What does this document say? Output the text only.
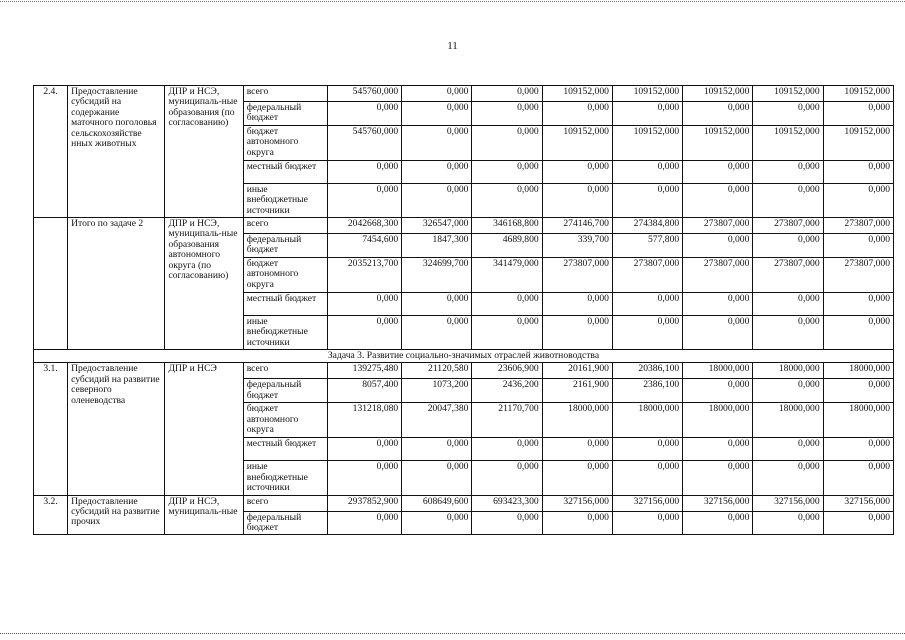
11
2.4.	Предоставление субсидий на содержание маточного поголовья сельскохозяйстве нных животных	ДПР и НСЭ, муниципаль-ные образования (по согласованию)	всего	545760,000	0,000	0,000	109152,000	109152,000	109152,000	109152,000	109152,000
			федеральный бюджет	0,000	0,000	0,000	0,000	0,000	0,000	0,000	0,000
			бюджет автономного округа	545760,000	0,000	0,000	109152,000	109152,000	109152,000	109152,000	109152,000
			местный бюджет	0,000	0,000	0,000	0,000	0,000	0,000	0,000	0,000
			иные внебюджетные источники	0,000	0,000	0,000	0,000	0,000	0,000	0,000	0,000
	Итого по задаче 2	ДПР и НСЭ, муниципаль-ные образования автономного округа (по согласованию)	всего	2042668,300	326547,000	346168,800	274146,700	274384,800	273807,000	273807,000	273807,000
			федеральный бюджет	7454,600	1847,300	4689,800	339,700	577,800	0,000	0,000	0,000
			бюджет автономного округа	2035213,700	324699,700	341479,000	273807,000	273807,000	273807,000	273807,000	273807,000
			местный бюджет	0,000	0,000	0,000	0,000	0,000	0,000	0,000	0,000
			иные внебюджетные источники	0,000	0,000	0,000	0,000	0,000	0,000	0,000	0,000
Задача 3. Развитие социально-значимых отраслей животноводства											
3.1.	Предоставление субсидий на развитие северного оленеводства	ДПР и НСЭ	всего	139275,480	21120,580	23606,900	20161,900	20386,100	18000,000	18000,000	18000,000
			федеральный бюджет	8057,400	1073,200	2436,200	2161,900	2386,100	0,000	0,000	0,000
			бюджет автономного округа	131218,080	20047,380	21170,700	18000,000	18000,000	18000,000	18000,000	18000,000
			местный бюджет	0,000	0,000	0,000	0,000	0,000	0,000	0,000	0,000
			иные внебюджетные источники	0,000	0,000	0,000	0,000	0,000	0,000	0,000	0,000
3.2.	Предоставление субсидий на развитие прочих	ДПР и НСЭ, муниципаль-ные	всего	2937852,900	608649,600	693423,300	327156,000	327156,000	327156,000	327156,000	327156,000
			федеральный бюджет	0,000	0,000	0,000	0,000	0,000	0,000	0,000	0,000
